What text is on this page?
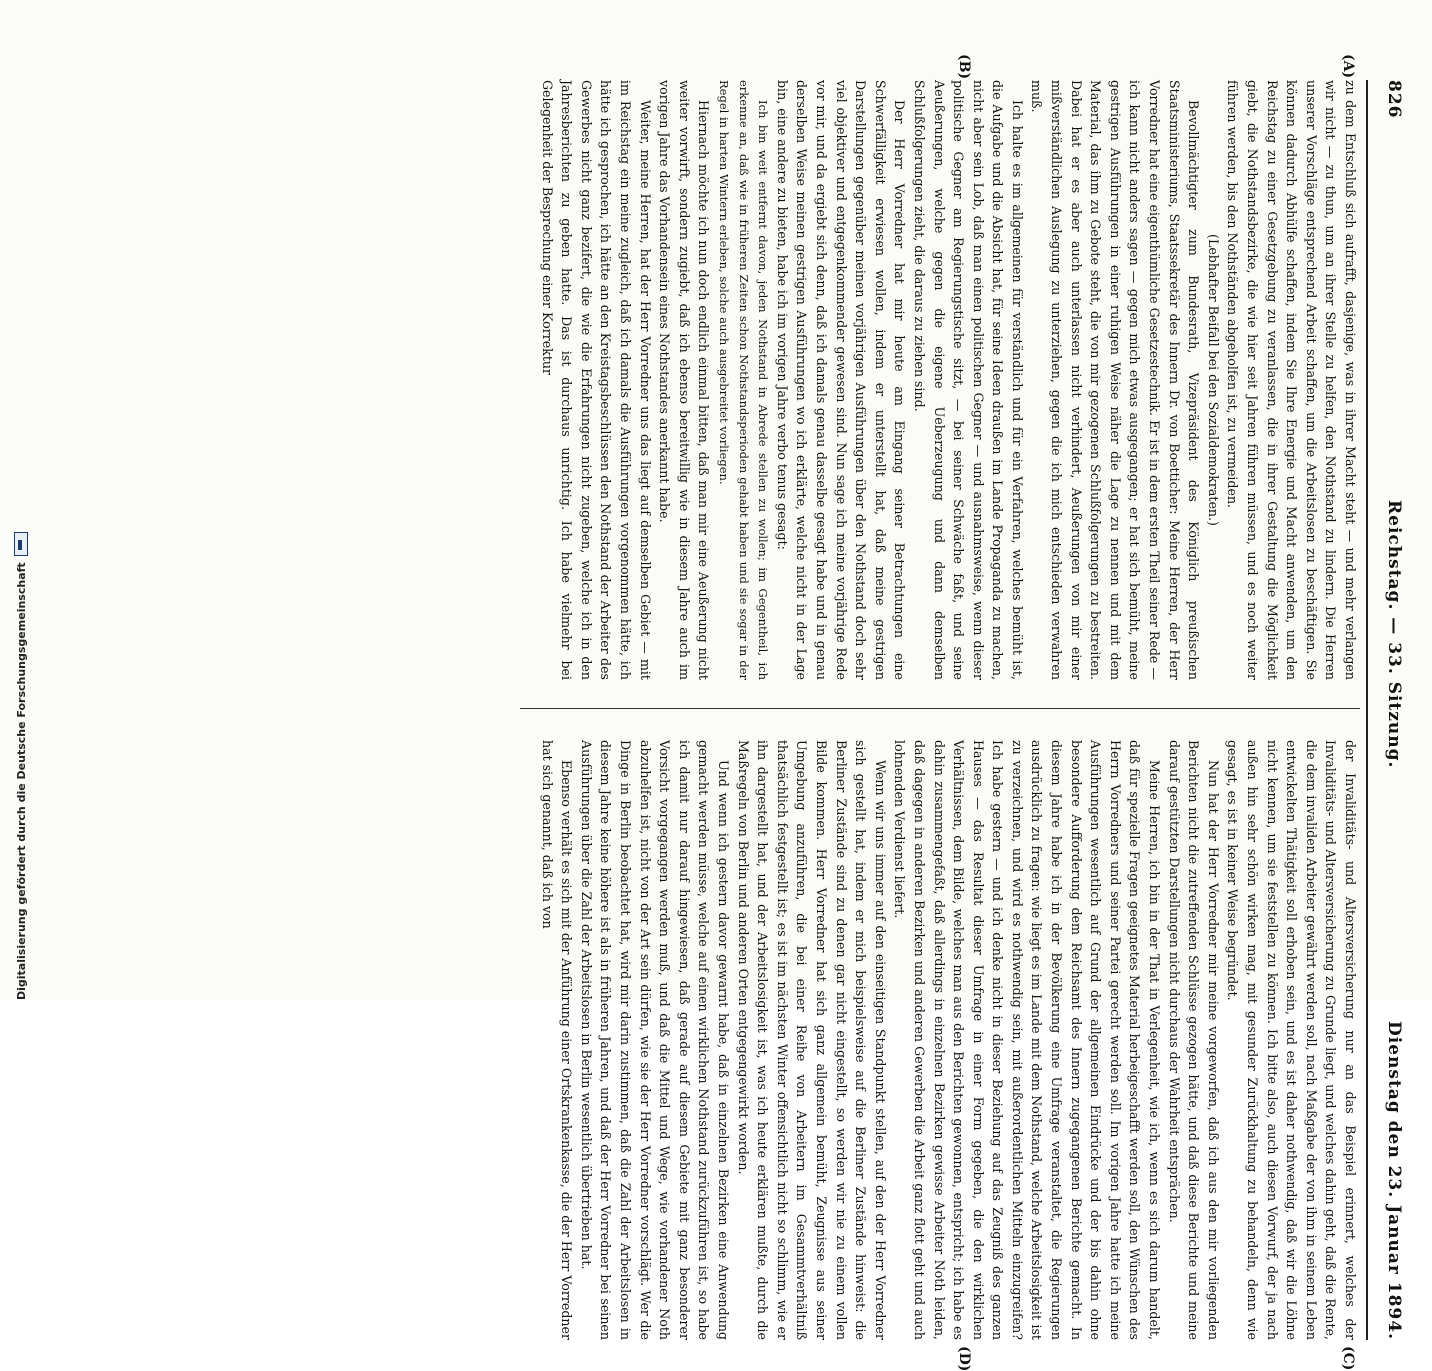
826
Reichstag. — 33. Sitzung.
Dienstag den 23. Januar 1894.
(A)
(B)
(C)
(D)

zu dem Entschluß sich aufrafft, dasjenige, was in ihrer Macht steht — und mehr verlangen wir nicht — zu thun, um an ihrer Stelle zu helfen, den Nothstand zu lindern. Die Herren unserer Vorschläge entsprechend Arbeit schaffen, um die Arbeitslosen zu beschäftigen. Sie können dadurch Abhülfe schaffen, indem Sie Ihre Energie und Macht anwenden, um den Reichstag zu einer Gesetzgebung zu veranlassen, die in ihrer Gestaltung die Möglichkeit giebt, die Nothstandsbezirke, die wie hier seit Jahren führen müssen, und es noch weiter führen werden, bis den Nothständen abgeholfen ist, zu vermeiden.

(Lebhafter Beifall bei den Sozialdemokraten.)

Bevollmächtigter zum Bundesrath, Vizepräsident des Königlich preußischen Staatsministeriums, Staatssekretär des Innern Dr. von Boetticher: Meine Herren, der Herr Vorredner hat eine eigenthümliche Gesetzestechnik. Er ist in dem ersten Theil seiner Rede — ich kann nicht anders sagen — gegen mich etwas ausgegangen; er hat sich bemüht, meine gestrigen Ausführungen in einer ruhigen Weise näher die Lage zu nennen und mit dem Material, das ihm zu Gebote steht, die von mir gezogenen Schlußfolgerungen zu bestreiten. Dabei hat er es aber auch unterlassen nicht verhindert, Aeußerungen von mir einer mißverständlichen Auslegung zu unterziehen, gegen die ich mich entschieden verwahren muß.

Ich halte es im allgemeinen für verständlich und für ein Verfahren, welches bemüht ist, die Aufgabe und die Absicht hat, für seine Ideen draußen im Lande Propaganda zu machen, nicht aber sein Lob, daß man einen politischen Gegner — und ausnahmsweise, wenn dieser politische Gegner am Regierungstische sitzt, — bei seiner Schwäche faßt, und seine Aeußerungen, welche gegen die eigene Ueberzeugung und dann demselben Schlußfolgerungen zieht, die daraus zu ziehen sind.

Der Herr Vorredner hat mir heute am Eingang seiner Betrachtungen eine Schwerfälligkeit erwiesen wollen, indem er unterstellt hat, daß meine gestrigen Darstellungen gegenüber meinen vorjährigen Ausführungen über den Nothstand doch sehr viel objektiver und entgegenkommender gewesen sind. Nun sage ich meine vorjährige Rede vor mir, und da ergiebt sich denn, daß ich damals genau dasselbe gesagt habe und in genau derselben Weise meinen gestrigen Ausführungen wo ich erklärte, welche nicht in der Lage bin, eine andere zu bieten, habe ich im vorigen Jahre verbo tenus gesagt:

Ich bin weit entfernt davon, jeden Nothstand in Abrede stellen zu wollen; im Gegentheil, ich erkenne an, daß wie in früheren Zeiten schon Nothstandsperioden gehabt haben und sie sogar in der Regel in harten Wintern erleben, solche auch ausgebreitet vorliegen.

Hiernach möchte ich nun doch endlich einmal bitten, daß man mir eine Aeußerung nicht weiter vorwirft, sondern zugiebt, daß ich ebenso bereitwillig wie in diesem Jahre auch im vorigen Jahre das Vorhandensein eines Nothstandes anerkannt habe.

Weiter, meine Herren, hat der Herr Vorredner uns das liegt auf demselben Gebiet — mit im Reichstag ein meine zugleich, daß ich damals die Ausführungen vorgenommen hätte, ich hätte ich gesprochen, ich hätte an den Kreistagsbeschlüssen den Nothstand der Arbeiter des Gewerbes nicht ganz bezifert, die wie die Erfahrungen nicht zugeben, welche ich in den Jahresberichten zu geben hatte. Das ist durchaus unrichtig. Ich habe vielmehr bei Gelegenheit der Besprechung einer Korrektur

der Invaliditäts- und Altersversicherung nur an das Beispiel erinnert, welches der Invaliditäts- und Altersversicherung zu Grunde liegt, und welches dahin geht, daß die Rente, die dem invaliden Arbeiter gewährt werden soll, nach Maßgabe der von ihm in seinem Leben entwickelten Thätigkeit soll erhoben sein, und es ist daher nothwendig, daß wir die Löhne nicht kennen, um sie feststellen zu können. Ich bitte also, auch diesen Vorwurf, der ja nach außen hin sehr schön wirken mag, mit gesunder Zurückhaltung zu behandeln, denn wie gesagt, es ist in keiner Weise begründet.

Nun hat der Herr Vorredner mir meine vorgeworfen, daß ich aus den mir vorliegenden Berichten nicht die zutreffenden Schlüsse gezogen hätte, und daß diese Berichte und meine darauf gestützten Darstellungen nicht durchaus der Wahrheit entsprächen.

Meine Herren, ich bin in der That in Verlegenheit, wie ich, wenn es sich darum handelt, daß für spezielle Fragen geeignetes Material herbeigeschafft werden soll, den Wünschen des Herrn Vorredners und seiner Partei gerecht werden soll. Im vorigen Jahre hatte ich meine Ausführungen wesentlich auf Grund der allgemeinen Eindrücke und der bis dahin ohne besondere Aufforderung dem Reichsamt des Innern zugegangenen Berichte gemacht. In diesem Jahre habe ich in der Bevölkerung eine Umfrage veranstaltet, die Regierungen ausdrücklich zu fragen: wie liegt es im Lande mit dem Nothstand, welche Arbeitslosigkeit ist zu verzeichnen, und wird es nothwendig sein, mit außerordentlichen Mitteln einzugreifen? Ich habe gestern — und ich denke nicht in dieser Beziehung auf das Zeugniß des ganzen Hauses — das Resultat dieser Umfrage in einer Form gegeben, die den wirklichen Verhältnissen, dem Bilde, welches man aus den Berichten gewonnen, entspricht; ich habe es dahin zusammengefaßt, daß allerdings in einzelnen Bezirken gewisse Arbeiter Noth leiden, daß dagegen in anderen Bezirken und anderen Gewerben die Arbeit ganz flott geht und auch lohnenden Verdienst liefert.

Wenn wir uns immer auf den einseitigen Standpunkt stellen, auf den der Herr Vorredner sich gestellt hat, indem er mich beispielsweise auf die Berliner Zustände hinweist: die Berliner Zustände sind zu denen gar nicht eingestellt, so werden wir nie zu einem vollen Bilde kommen. Herr Vorredner hat sich ganz allgemein bemüht, Zeugnisse aus seiner Umgebung anzuführen, die bei einer Reihe von Arbeitern im Gesammtverhältniß thatsächlich festgestellt ist; es ist im nächsten Winter offensichtlich nicht so schlimm, wie er ihn dargestellt hat, und der Arbeitslosigkeit ist, was ich heute erklären mußte, durch die Maßregeln von Berlin und anderen Orten entgegengewirkt worden.

Und wenn ich gestern davor gewarnt habe, daß in einzelnen Bezirken eine Anwendung gemacht werden müsse, welche auf einen wirklichen Nothstand zurückzuführen ist, so habe ich damit nur darauf hingewiesen, daß gerade auf diesem Gebiete mit ganz besonderer Vorsicht vorgegangen werden muß, und daß die Mittel und Wege, wie vorhandener Noth abzuhelfen ist, nicht von der Art sein dürfen, wie sie der Herr Vorredner vorschlägt. Wer die Dinge in Berlin beobachtet hat, wird mir darin zustimmen, daß die Zahl der Arbeitslosen in diesem Jahre keine höhere ist als in früheren Jahren, und daß der Herr Vorredner bei seinen Ausführungen über die Zahl der Arbeitslosen in Berlin wesentlich übertrieben hat.

Ebenso verhält es sich mit der Anführung einer Ortskrankenkasse, die der Herr Vorredner hat sich genannt, daß ich von

Digitalisierung gefördert durch die Deutsche Forschungsgemeinschaft
